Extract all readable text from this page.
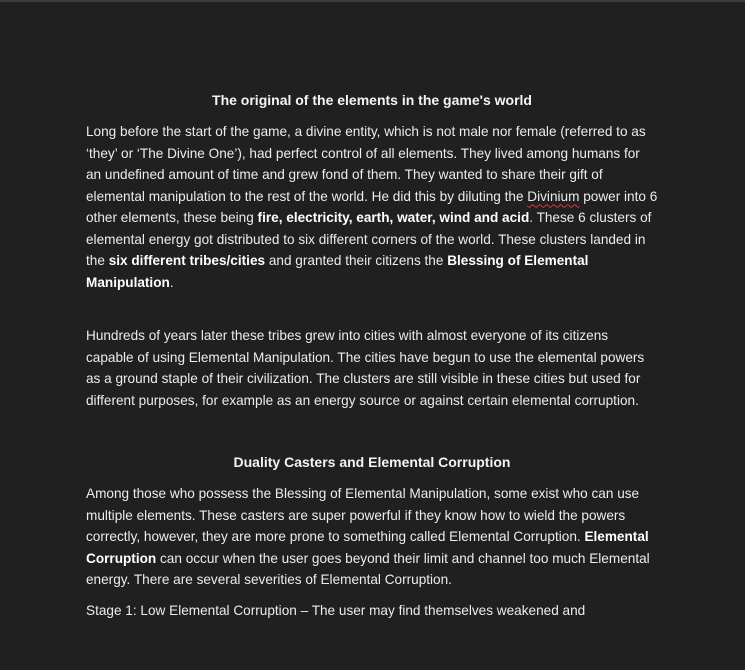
The original of the elements in the game's world

Long before the start of the game, a divine entity, which is not male nor female (referred to as ‘they’ or ‘The Divine One’), had perfect control of all elements. They lived among humans for an undefined amount of time and grew fond of them. They wanted to share their gift of elemental manipulation to the rest of the world. He did this by diluting the Divinium power into 6 other elements, these being fire, electricity, earth, water, wind and acid. These 6 clusters of elemental energy got distributed to six different corners of the world. These clusters landed in the six different tribes/cities and granted their citizens the Blessing of Elemental Manipulation.

Hundreds of years later these tribes grew into cities with almost everyone of its citizens capable of using Elemental Manipulation. The cities have begun to use the elemental powers as a ground staple of their civilization. The clusters are still visible in these cities but used for different purposes, for example as an energy source or against certain elemental corruption.

Duality Casters and Elemental Corruption

Among those who possess the Blessing of Elemental Manipulation, some exist who can use multiple elements. These casters are super powerful if they know how to wield the powers correctly, however, they are more prone to something called Elemental Corruption. Elemental Corruption can occur when the user goes beyond their limit and channel too much Elemental energy. There are several severities of Elemental Corruption.

Stage 1: Low Elemental Corruption – The user may find themselves weakened and
